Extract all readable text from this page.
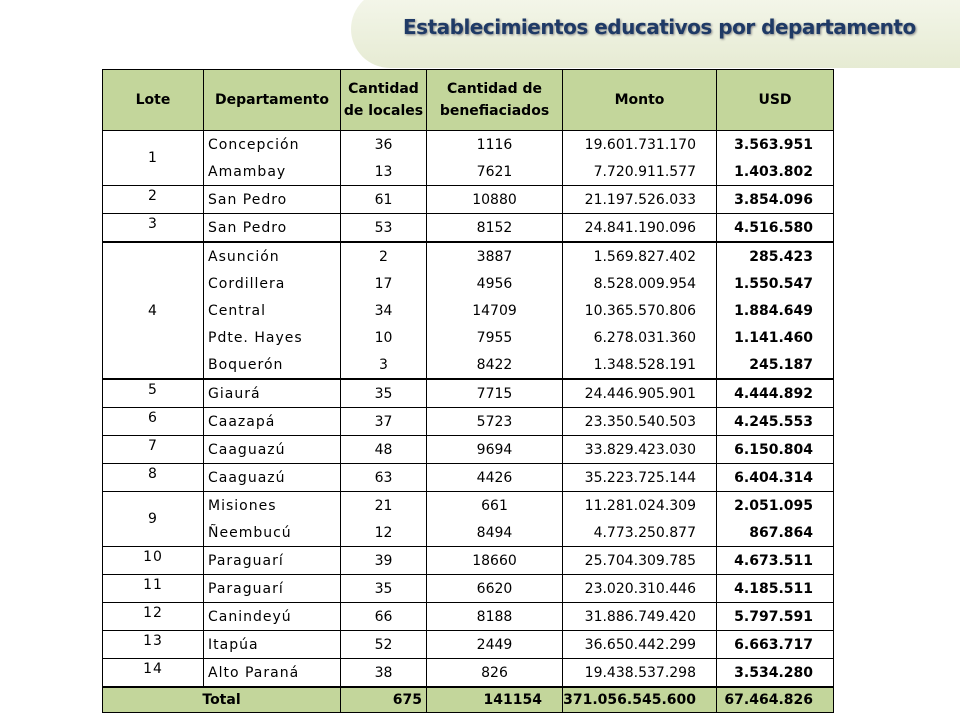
Establecimientos educativos por departamento
Lote	Departamento	Cantidad de locales	Cantidad de benefiaciados	Monto	USD
1	Concepción	36	1116	19.601.731.170	3.563.951
	Amambay	13	7621	7.720.911.577	1.403.802
2	San Pedro	61	10880	21.197.526.033	3.854.096
3	San Pedro	53	8152	24.841.190.096	4.516.580
4	Asunción	2	3887	1.569.827.402	285.423
	Cordillera	17	4956	8.528.009.954	1.550.547
	Central	34	14709	10.365.570.806	1.884.649
	Pdte. Hayes	10	7955	6.278.031.360	1.141.460
	Boquerón	3	8422	1.348.528.191	245.187
5	Giaurá	35	7715	24.446.905.901	4.444.892
6	Caazapá	37	5723	23.350.540.503	4.245.553
7	Caaguazú	48	9694	33.829.423.030	6.150.804
8	Caaguazú	63	4426	35.223.725.144	6.404.314
9	Misiones	21	661	11.281.024.309	2.051.095
	Ñeembucú	12	8494	4.773.250.877	867.864
10	Paraguarí	39	18660	25.704.309.785	4.673.511
11	Paraguarí	35	6620	23.020.310.446	4.185.511
12	Canindeyú	66	8188	31.886.749.420	5.797.591
13	Itapúa	52	2449	36.650.442.299	6.663.717
14	Alto Paraná	38	826	19.438.537.298	3.534.280
Total		675	141154	371.056.545.600	67.464.826
